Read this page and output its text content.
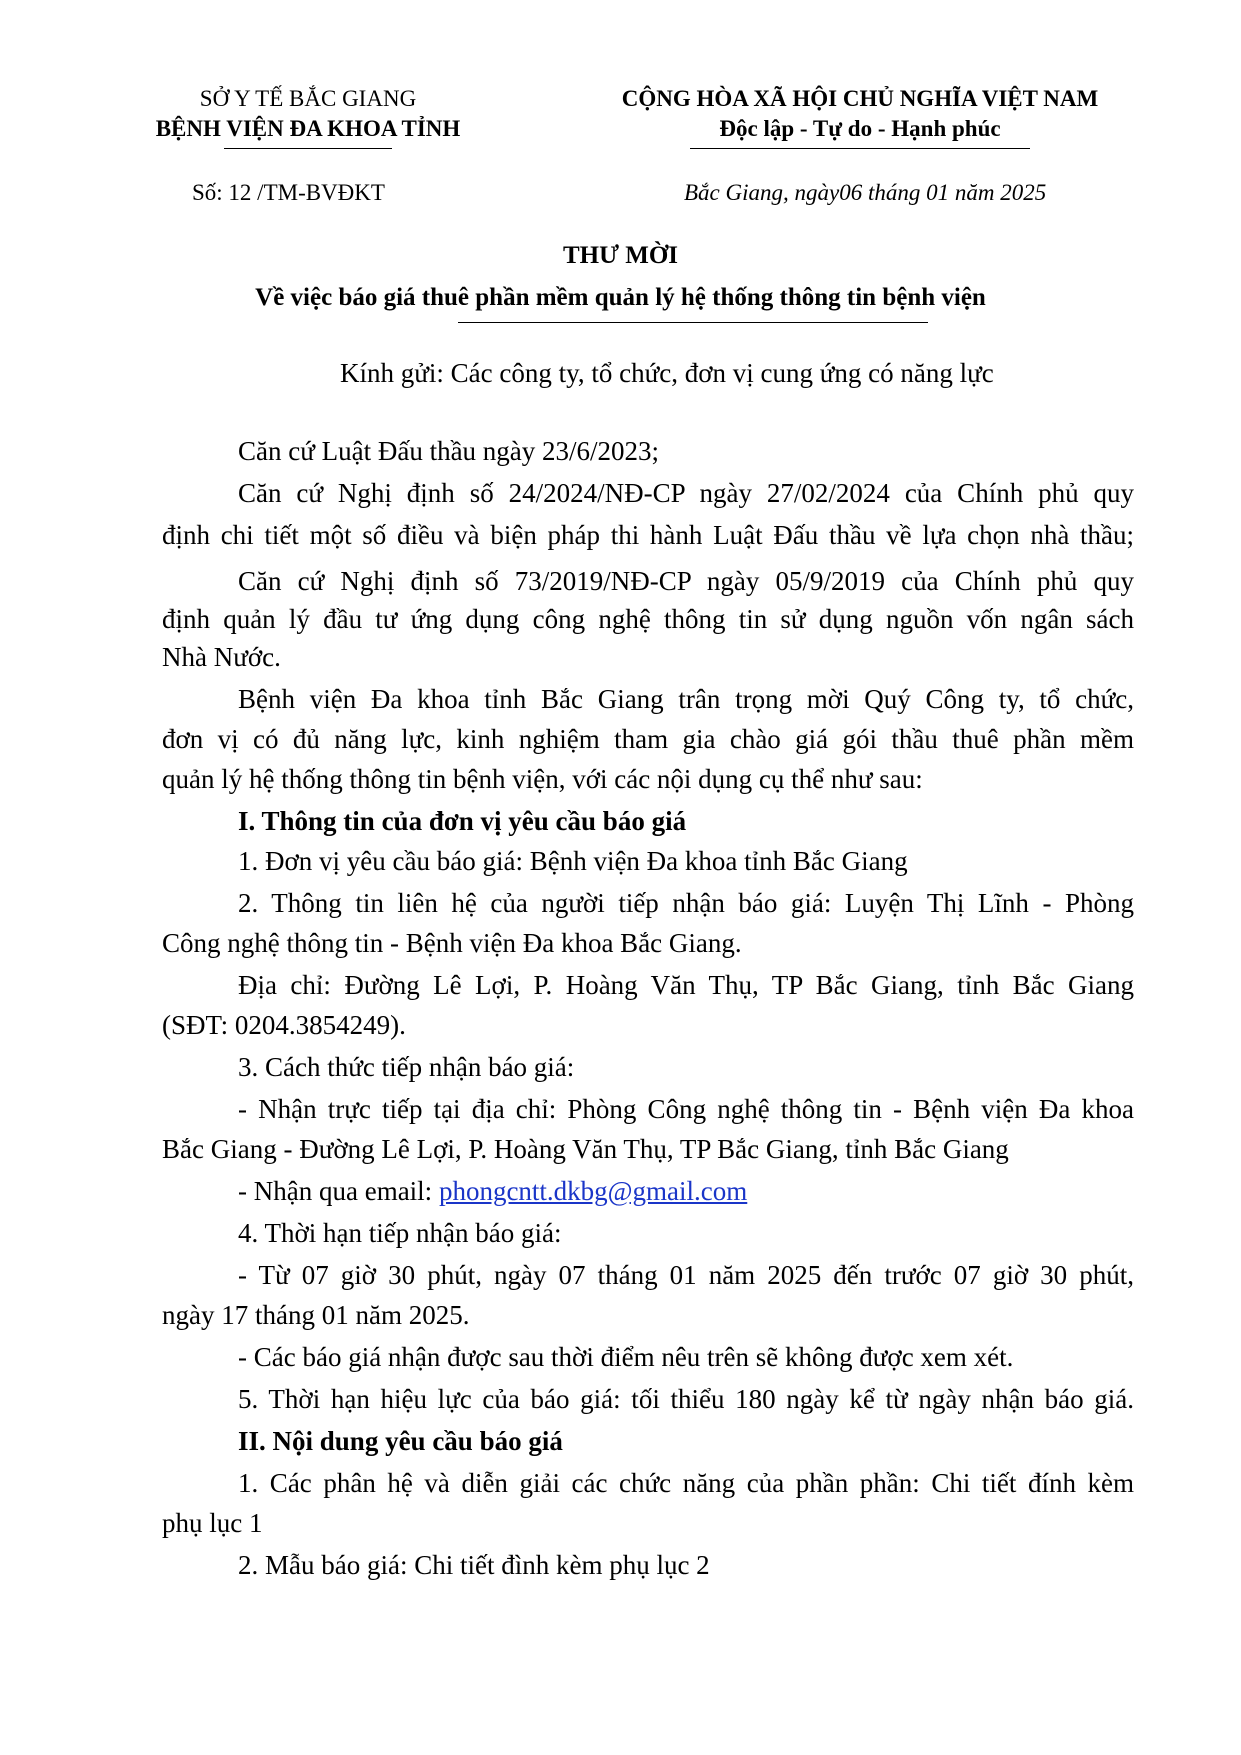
SỞ Y TẾ BẮC GIANG
BỆNH VIỆN ĐA KHOA TỈNH
CỘNG HÒA XÃ HỘI CHỦ NGHĨA VIỆT NAM
Độc lập - Tự do - Hạnh phúc
Số: 12 /TM-BVĐKT	Bắc Giang, ngày06 tháng 01 năm 2025
THƯ MỜI
Về việc báo giá thuê phần mềm quản lý hệ thống thông tin bệnh viện
Kính gửi: Các công ty, tổ chức, đơn vị cung ứng có năng lực
Căn cứ Luật Đấu thầu ngày 23/6/2023;
Căn cứ Nghị định số 24/2024/NĐ-CP ngày 27/02/2024 của Chính phủ quy
định chi tiết một số điều và biện pháp thi hành Luật Đấu thầu về lựa chọn nhà thầu;
Căn cứ Nghị định số 73/2019/NĐ-CP ngày 05/9/2019 của Chính phủ quy
định quản lý đầu tư ứng dụng công nghệ thông tin sử dụng nguồn vốn ngân sách
Nhà Nước.
Bệnh viện Đa khoa tỉnh Bắc Giang trân trọng mời Quý Công ty, tổ chức,
đơn vị có đủ năng lực, kinh nghiệm tham gia chào giá gói thầu thuê phần mềm
quản lý hệ thống thông tin bệnh viện, với các nội dụng cụ thể như sau:
I. Thông tin của đơn vị yêu cầu báo giá
1. Đơn vị yêu cầu báo giá: Bệnh viện Đa khoa tỉnh Bắc Giang
2. Thông tin liên hệ của người tiếp nhận báo giá: Luyện Thị Lĩnh - Phòng
Công nghệ thông tin - Bệnh viện Đa khoa Bắc Giang.
Địa chỉ: Đường Lê Lợi, P. Hoàng Văn Thụ, TP Bắc Giang, tỉnh Bắc Giang
(SĐT: 0204.3854249).
3. Cách thức tiếp nhận báo giá:
- Nhận trực tiếp tại địa chỉ: Phòng Công nghệ thông tin - Bệnh viện Đa khoa
Bắc Giang - Đường Lê Lợi, P. Hoàng Văn Thụ, TP Bắc Giang, tỉnh Bắc Giang
- Nhận qua email: phongcntt.dkbg@gmail.com
4. Thời hạn tiếp nhận báo giá:
- Từ 07 giờ 30 phút, ngày 07 tháng 01 năm 2025 đến trước 07 giờ 30 phút,
ngày 17 tháng 01 năm 2025.
- Các báo giá nhận được sau thời điểm nêu trên sẽ không được xem xét.
5. Thời hạn hiệu lực của báo giá: tối thiểu 180 ngày kể từ ngày nhận báo giá.
II. Nội dung yêu cầu báo giá
1. Các phân hệ và diễn giải các chức năng của phần phần: Chi tiết đính kèm
phụ lục 1
2. Mẫu báo giá: Chi tiết đình kèm phụ lục 2
